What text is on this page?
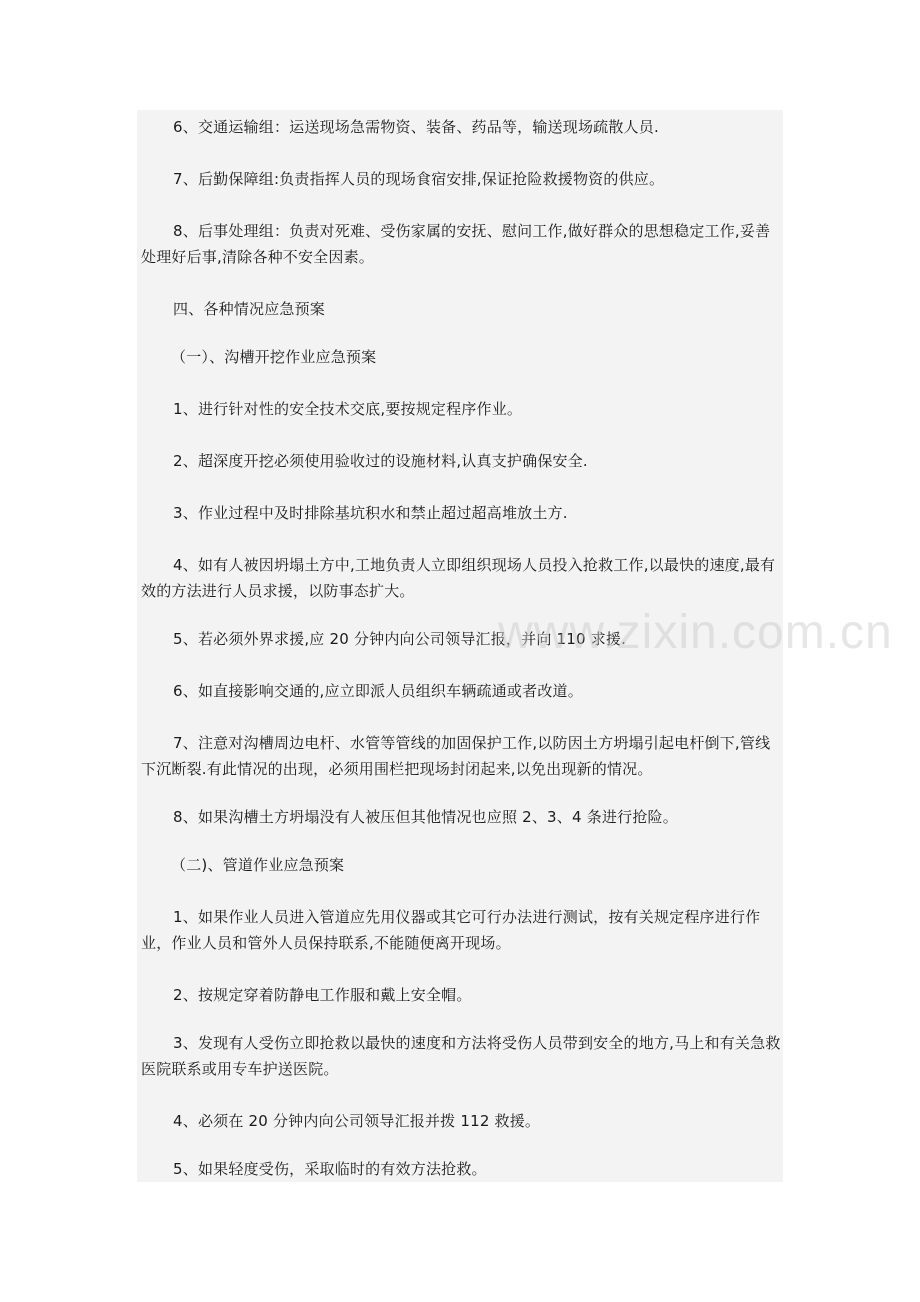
6、交通运输组：运送现场急需物资、装备、药品等，输送现场疏散人员.

7、后勤保障组:负责指挥人员的现场食宿安排,保证抢险救援物资的供应。

8、后事处理组：负责对死难、受伤家属的安抚、慰问工作,做好群众的思想稳定工作,妥善处理好后事,清除各种不安全因素。

四、各种情况应急预案

（一）、沟槽开挖作业应急预案

1、进行针对性的安全技术交底,要按规定程序作业。

2、超深度开挖必须使用验收过的设施材料,认真支护确保安全.

3、作业过程中及时排除基坑积水和禁止超过超高堆放土方.

4、如有人被因坍塌土方中,工地负责人立即组织现场人员投入抢救工作,以最快的速度,最有效的方法进行人员求援，以防事态扩大。

5、若必须外界求援,应 20 分钟内向公司领导汇报，并向 110 求援.

6、如直接影响交通的,应立即派人员组织车辆疏通或者改道。

7、注意对沟槽周边电杆、水管等管线的加固保护工作,以防因土方坍塌引起电杆倒下,管线下沉断裂.有此情况的出现，必须用围栏把现场封闭起来,以免出现新的情况。

8、如果沟槽土方坍塌没有人被压但其他情况也应照 2、3、4 条进行抢险。

（二)、管道作业应急预案

1、如果作业人员进入管道应先用仪器或其它可行办法进行测试，按有关规定程序进行作业，作业人员和管外人员保持联系,不能随便离开现场。

2、按规定穿着防静电工作服和戴上安全帽。

3、发现有人受伤立即抢救以最快的速度和方法将受伤人员带到安全的地方,马上和有关急救医院联系或用专车护送医院。

4、必须在 20 分钟内向公司领导汇报并拨 112 救援。

5、如果轻度受伤，采取临时的有效方法抢救。

www.zixin.com.cn
